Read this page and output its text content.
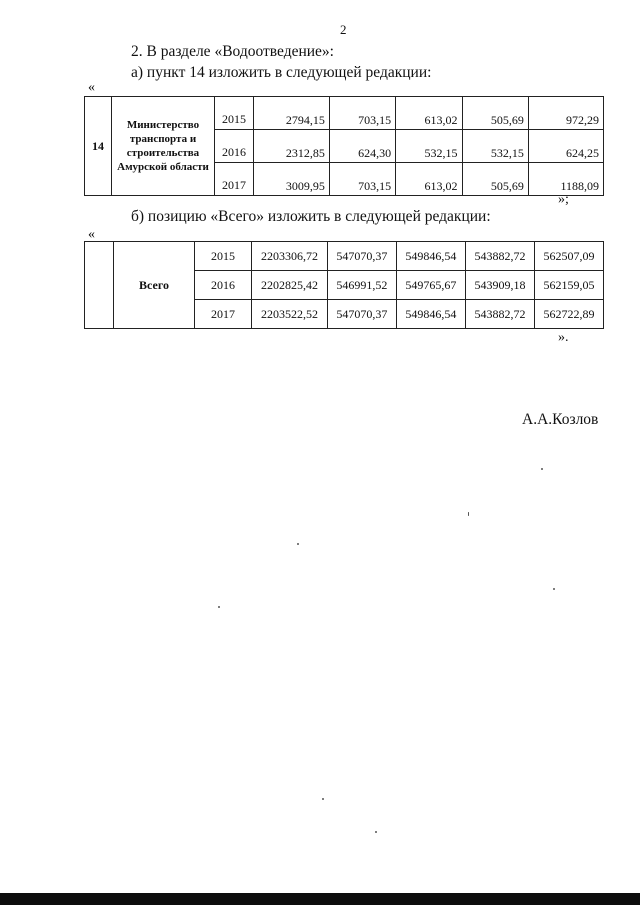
2
2. В разделе «Водоотведение»:
а) пункт 14 изложить в следующей редакции:
«
14	Министерство транспорта и строительства Амурской области	2015	2794,15	703,15	613,02	505,69	972,29
		2016	2312,85	624,30	532,15	532,15	624,25
		2017	3009,95	703,15	613,02	505,69	1188,09
»;
б) позицию «Всего» изложить в следующей редакции:
«
	Всего	2015	2203306,72	547070,37	549846,54	543882,72	562507,09
		2016	2202825,42	546991,52	549765,67	543909,18	562159,05
		2017	2203522,52	547070,37	549846,54	543882,72	562722,89
».
А.А.Козлов
